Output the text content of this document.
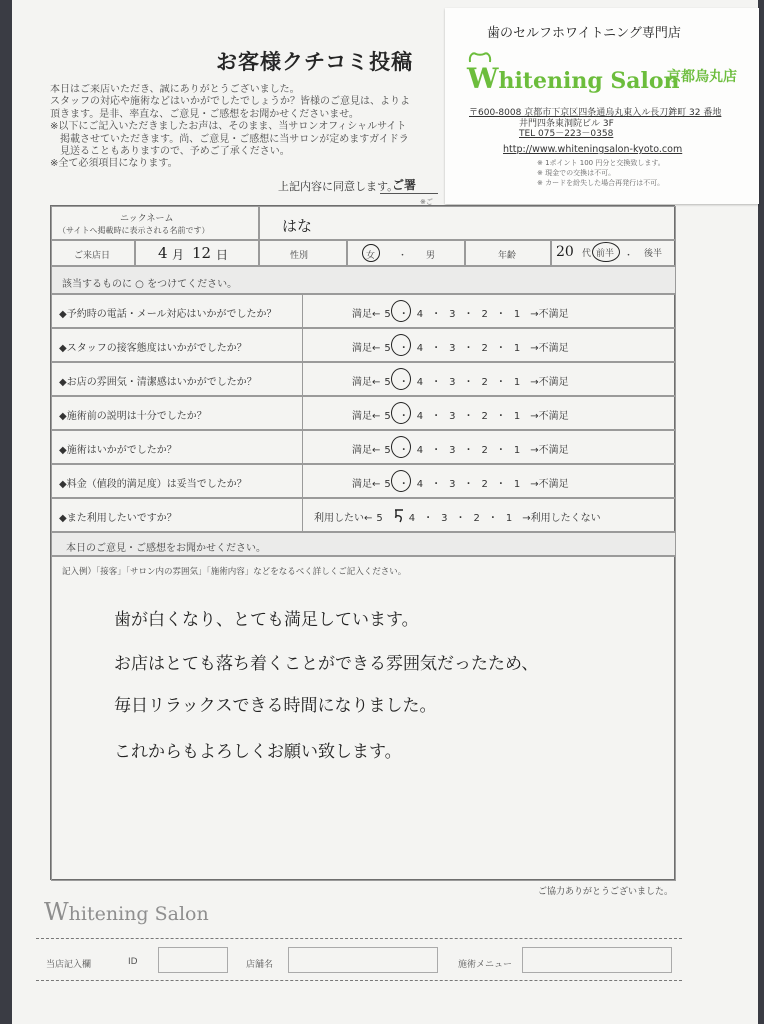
お客様クチコミ投稿
本日はご来店いただき、誠にありがとうございました。
スタッフの対応や施術などはいかがでしたでしょうか？皆様のご意見は、よりよ
頂きます。是非、率直な、ご意見・ご感想をお聞かせくださいませ。
※以下にご記入いただきましたお声は、そのまま、当サロンオフィシャルサイト
掲載させていただきます。尚、ご意見・ご感想に当サロンが定めますガイドラ
見送ることもありますので、予めご了承ください。
※全て必須項目になります。
上記内容に同意します。
ご署
※ご
歯のセルフホワイトニング専門店
Whitening Salon
京都烏丸店
〒600-8008 京都市下京区四条通烏丸東入ル長刀鉾町 32 番地
井門四条東洞院ビル 3F
TEL 075－223－0358
http://www.whiteningsalon-kyoto.com
※ 1ポイント 100 円分と交換致します。
※ 現金での交換は不可。
※ カードを紛失した場合再発行は不可。
ニックネーム
（サイトへ掲載時に表示される名前です）	はな
ご来店日	4 月 12 日	性別	女	・ 男	年齢	20 代 前半 ・ 後半
該当するものに ○ をつけてください。
◆予約時の電話・メール対応はいかがでしたか？	満足← 5 ・ 4 ・ 3 ・ 2 ・ 1 →不満足
◆スタッフの接客態度はいかがでしたか？	満足← 5 ・ 4 ・ 3 ・ 2 ・ 1 →不満足
◆お店の雰囲気・清潔感はいかがでしたか？	満足← 5 ・ 4 ・ 3 ・ 2 ・ 1 →不満足
◆施術前の説明は十分でしたか？	満足← 5 ・ 4 ・ 3 ・ 2 ・ 1 →不満足
◆施術はいかがでしたか？	満足← 5 ・ 4 ・ 3 ・ 2 ・ 1 →不満足
◆料金（値段的満足度）は妥当でしたか？	満足← 5 ・ 4 ・ 3 ・ 2 ・ 1 →不満足
◆また利用したいですか？	利用したい← 5 ・ 4 ・ 3 ・ 2 ・ 1 →利用したくない
本日のご意見・ご感想をお聞かせください。
記入例）「接客」「サロン内の雰囲気」「施術内容」などをなるべく詳しくご記入ください。
歯が白くなり、とても満足しています。
お店はとても落ち着くことができる雰囲気だったため、
毎日リラックスできる時間になりました。
これからもよろしくお願い致します。
ご協力ありがとうございました。
Whitening Salon
当店記入欄	ID	店舗名	施術メニュー
